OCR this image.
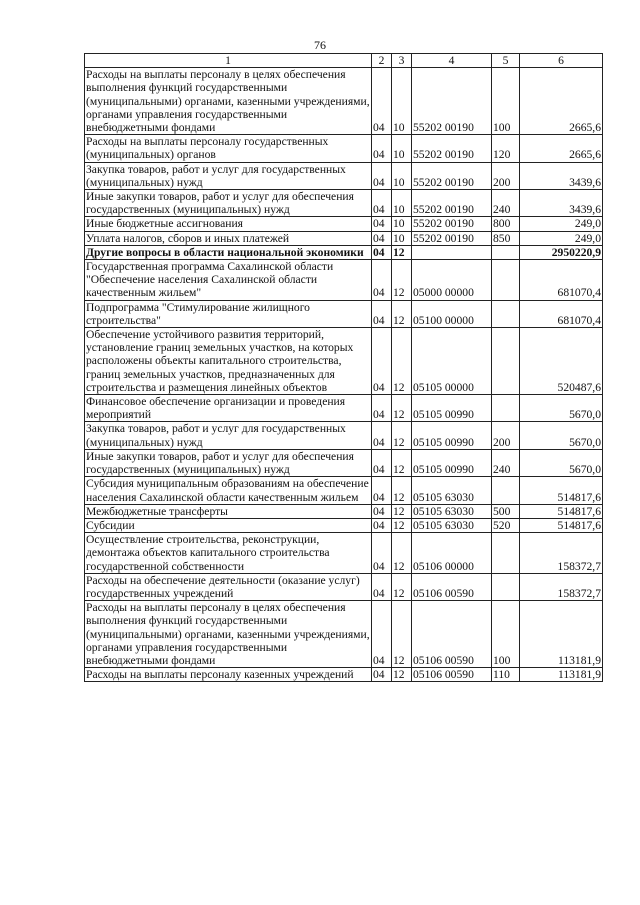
76
1	2	3	4	5	6
Расходы на выплаты персоналу в целях обеспечения выполнения функций государственными (муниципальными) органами, казенными учреждениями, органами управления государственными внебюджетными фондами	04	10	55202 00190	100	2665,6
Расходы на выплаты персоналу государственных (муниципальных) органов	04	10	55202 00190	120	2665,6
Закупка товаров, работ и услуг для государственных (муниципальных) нужд	04	10	55202 00190	200	3439,6
Иные закупки товаров, работ и услуг для обеспечения государственных (муниципальных) нужд	04	10	55202 00190	240	3439,6
Иные бюджетные ассигнования	04	10	55202 00190	800	249,0
Уплата налогов, сборов и иных платежей	04	10	55202 00190	850	249,0
Другие вопросы в области национальной экономики	04	12			2950220,9
Государственная программа Сахалинской области "Обеспечение населения Сахалинской области качественным жильем"	04	12	05000 00000		681070,4
Подпрограмма "Стимулирование жилищного строительства"	04	12	05100 00000		681070,4
Обеспечение устойчивого развития территорий, установление границ земельных участков, на которых расположены объекты капитального строительства, границ земельных участков, предназначенных для строительства и размещения линейных объектов	04	12	05105 00000		520487,6
Финансовое обеспечение организации и проведения мероприятий	04	12	05105 00990		5670,0
Закупка товаров, работ и услуг для государственных (муниципальных) нужд	04	12	05105 00990	200	5670,0
Иные закупки товаров, работ и услуг для обеспечения государственных (муниципальных) нужд	04	12	05105 00990	240	5670,0
Субсидия муниципальным образованиям на обеспечение населения Сахалинской области качественным жильем	04	12	05105 63030		514817,6
Межбюджетные трансферты	04	12	05105 63030	500	514817,6
Субсидии	04	12	05105 63030	520	514817,6
Осуществление строительства, реконструкции, демонтажа объектов капитального строительства государственной собственности	04	12	05106 00000		158372,7
Расходы на обеспечение деятельности (оказание услуг) государственных учреждений	04	12	05106 00590		158372,7
Расходы на выплаты персоналу в целях обеспечения выполнения функций государственными (муниципальными) органами, казенными учреждениями, органами управления государственными внебюджетными фондами	04	12	05106 00590	100	113181,9
Расходы на выплаты персоналу казенных учреждений	04	12	05106 00590	110	113181,9
